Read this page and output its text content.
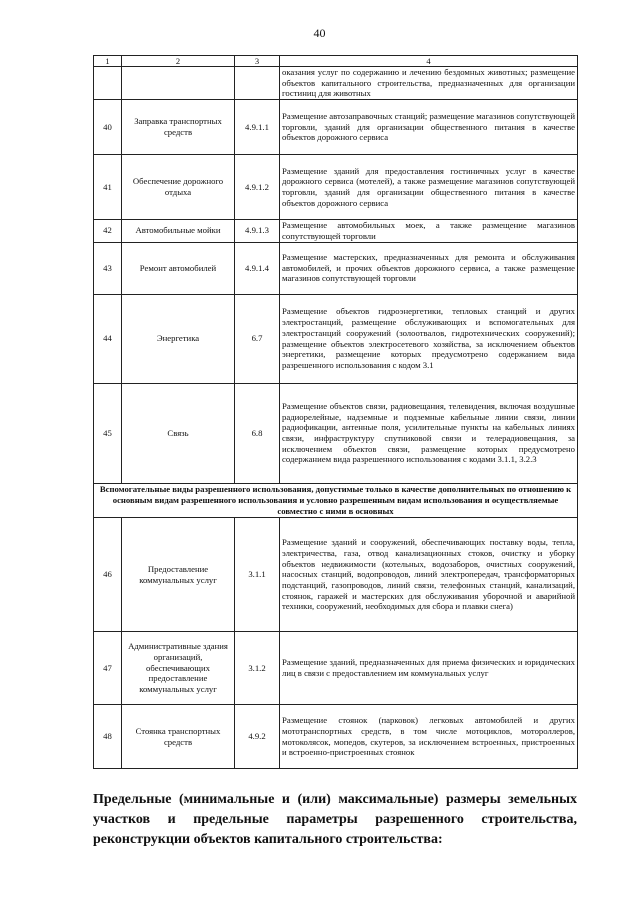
40
1	2	3	4
			оказания услуг по содержанию и лечению бездомных животных; размещение объектов капитального строительства, предназначенных для организации гостиниц для животных
40	Заправка транспортных средств	4.9.1.1	Размещение автозаправочных станций; размещение магазинов сопутствующей торговли, зданий для организации общественного питания в качестве объектов дорожного сервиса
41	Обеспечение дорожного отдыха	4.9.1.2	Размещение зданий для предоставления гостиничных услуг в качестве дорожного сервиса (мотелей), а также размещение магазинов сопутствующей торговли, зданий для организации общественного питания в качестве объектов дорожного сервиса
42	Автомобильные мойки	4.9.1.3	Размещение автомобильных моек, а также размещение магазинов сопутствующей торговли
43	Ремонт автомобилей	4.9.1.4	Размещение мастерских, предназначенных для ремонта и обслуживания автомобилей, и прочих объектов дорожного сервиса, а также размещение магазинов сопутствующей торговли
44	Энергетика	6.7	Размещение объектов гидроэнергетики, тепловых станций и других электростанций, размещение обслуживающих и вспомогательных для электростанций сооружений (золоотвалов, гидротехнических сооружений); размещение объектов электросетевого хозяйства, за исключением объектов энергетики, размещение которых предусмотрено содержанием вида разрешенного использования с кодом 3.1
45	Связь	6.8	Размещение объектов связи, радиовещания, телевидения, включая воздушные радиорелейные, надземные и подземные кабельные линии связи, линии радиофикации, антенные поля, усилительные пункты на кабельных линиях связи, инфраструктуру спутниковой связи и телерадиовещания, за исключением объектов связи, размещение которых предусмотрено содержанием вида разрешенного использования с кодами 3.1.1, 3.2.3
Вспомогательные виды разрешенного использования, допустимые только в качестве дополнительных по отношению к основным видам разрешенного использования и условно разрешенным видам использования и осуществляемые совместно с ними в основных			
46	Предоставление коммунальных услуг	3.1.1	Размещение зданий и сооружений, обеспечивающих поставку воды, тепла, электричества, газа, отвод канализационных стоков, очистку и уборку объектов недвижимости (котельных, водозаборов, очистных сооружений, насосных станций, водопроводов, линий электропередач, трансформаторных подстанций, газопроводов, линий связи, телефонных станций, канализаций, стоянок, гаражей и мастерских для обслуживания уборочной и аварийной техники, сооружений, необходимых для сбора и плавки снега)
47	Административные здания организаций, обеспечивающих предоставление коммунальных услуг	3.1.2	Размещение зданий, предназначенных для приема физических и юридических лиц в связи с предоставлением им коммунальных услуг
48	Стоянка транспортных средств	4.9.2	Размещение стоянок (парковок) легковых автомобилей и других мототранспортных средств, в том числе мотоциклов, мотороллеров, мотоколясок, мопедов, скутеров, за исключением встроенных, пристроенных и встроенно-пристроенных стоянок
Предельные (минимальные и (или) максимальные) размеры земельных участков и предельные параметры разрешенного строительства, реконструкции объектов капитального строительства:
